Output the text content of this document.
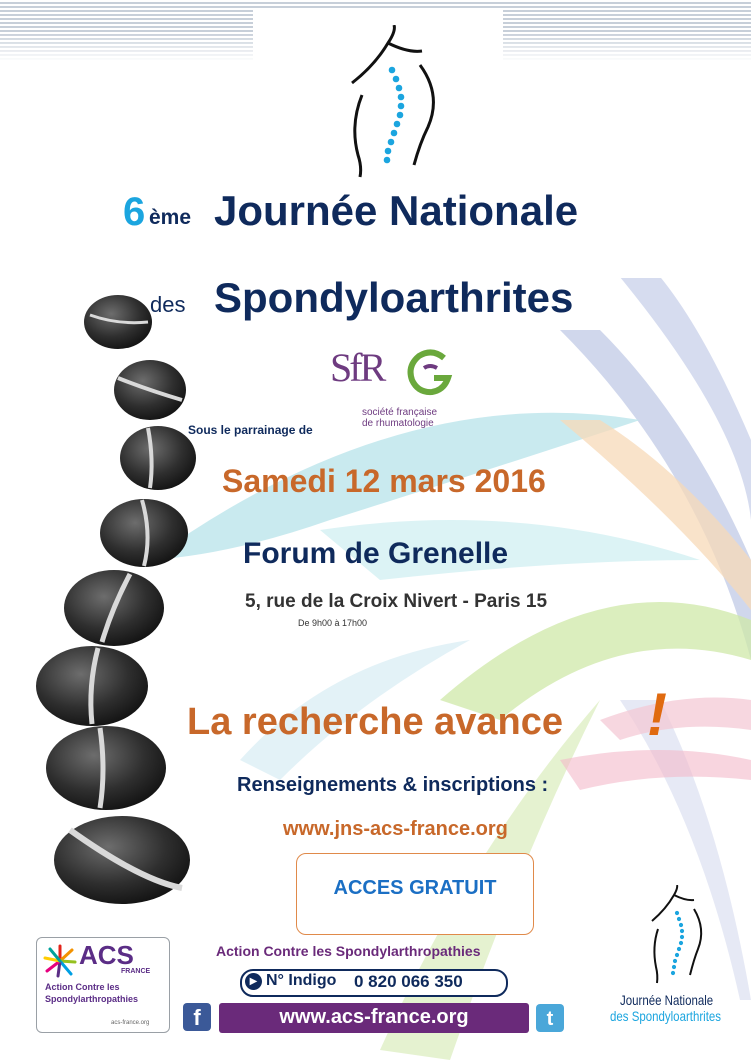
6 ème Journée Nationale
des Spondyloarthrites
Sous le parrainage de
SfR
société française
de rhumatologie
Samedi 12 mars 2016
Forum de Grenelle
5, rue de la Croix Nivert - Paris 15
De 9h00 à 17h00
La recherche avance !
Renseignements & inscriptions :
www.jns-acs-france.org
ACCES GRATUIT
ACS
FRANCE
Action Contre les
Spondylarthropathies
acs-france.org
Action Contre les Spondylarthropathies
▶ N° Indigo 0 820 066 350
f	www.acs-france.org	t
Journée Nationale
des Spondyloarthrites
